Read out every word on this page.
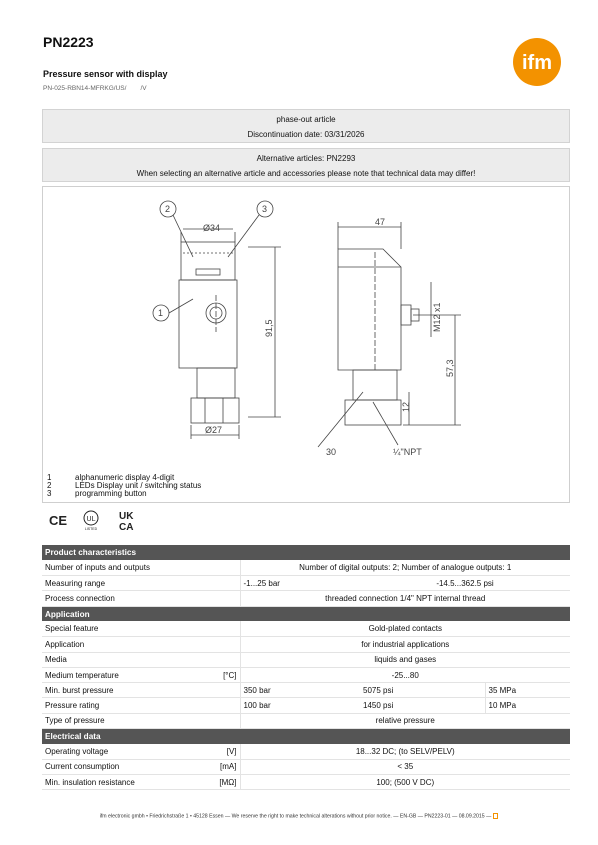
PN2223
Pressure sensor with display
PN-025-RBN14-MFRKG/US/ /V
ifm
phase-out article
Discontinuation date: 03/31/2026
Alternative articles: PN2293
When selecting an alternative article and accessories please note that technical data may differ!
Ø34
Ø27
91,5
47
M12 x1
57,3
12
30	¼"NPT
2	3
1
1	alphanumeric display 4-digit
2	LEDs Display unit / switching status
3	programming button
CE	UL
LISTED
UK
CA
Product characteristics				
Number of inputs and outputs		Number of digital outputs: 2; Number of analogue outputs: 1		
Measuring range		-1...25 bar	-14.5...362.5 psi	
Process connection		threaded connection 1/4" NPT internal thread		
Application				
Special feature		Gold-plated contacts		
Application		for industrial applications		
Media		liquids and gases		
Medium temperature	[°C]	-25...80		
Min. burst pressure		350 bar	5075 psi	35 MPa
Pressure rating		100 bar	1450 psi	10 MPa
Type of pressure		relative pressure		
Electrical data				
Operating voltage	[V]	18...32 DC; (to SELV/PELV)		
Current consumption	[mA]	< 35		
Min. insulation resistance	[MΩ]	100; (500 V DC)		
ifm electronic gmbh • Friedrichstraße 1 • 45128 Essen — We reserve the right to make technical alterations without prior notice. — EN-GB — PN2223-01 — 08.09.2015 —
